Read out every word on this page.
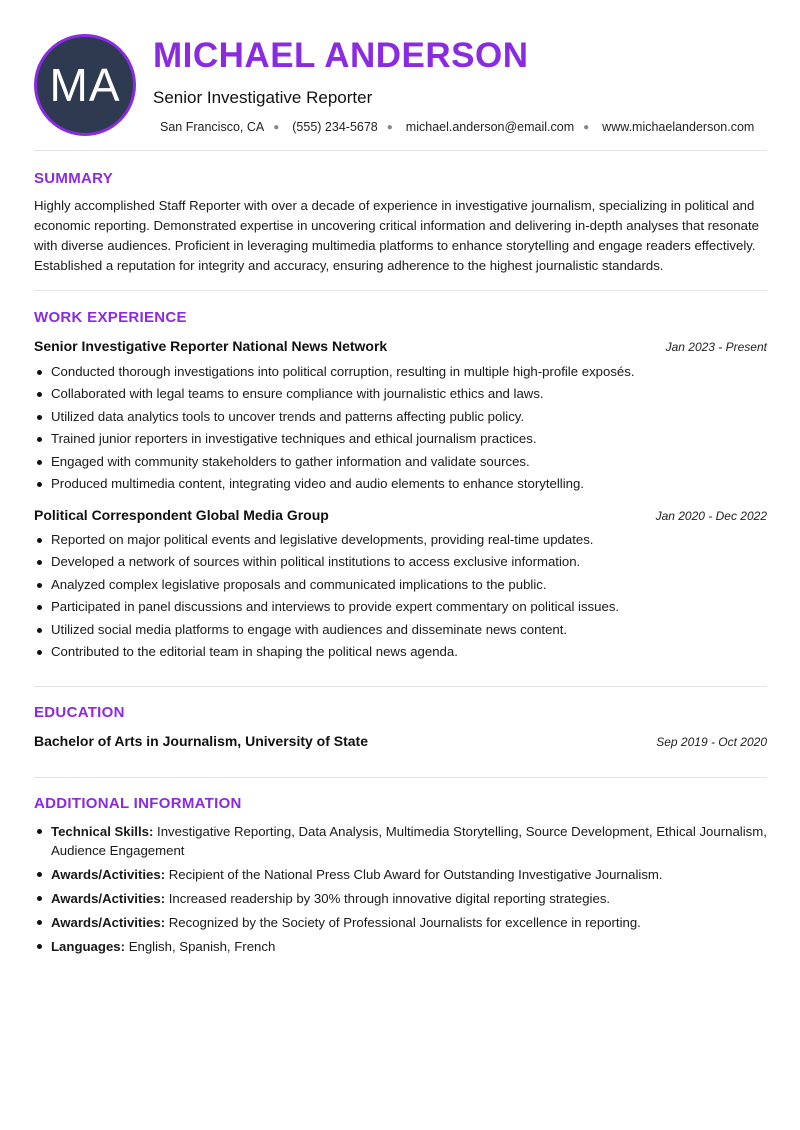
MA
MICHAEL ANDERSON
Senior Investigative Reporter
San Francisco, CA ● (555) 234-5678 ● michael.anderson@email.com ● www.michaelanderson.com
SUMMARY
Highly accomplished Staff Reporter with over a decade of experience in investigative journalism, specializing in political and economic reporting. Demonstrated expertise in uncovering critical information and delivering in-depth analyses that resonate with diverse audiences. Proficient in leveraging multimedia platforms to enhance storytelling and engage readers effectively. Established a reputation for integrity and accuracy, ensuring adherence to the highest journalistic standards.
WORK EXPERIENCE
Senior Investigative Reporter National News Network	Jan 2023 - Present
Conducted thorough investigations into political corruption, resulting in multiple high-profile exposés.
Collaborated with legal teams to ensure compliance with journalistic ethics and laws.
Utilized data analytics tools to uncover trends and patterns affecting public policy.
Trained junior reporters in investigative techniques and ethical journalism practices.
Engaged with community stakeholders to gather information and validate sources.
Produced multimedia content, integrating video and audio elements to enhance storytelling.
Political Correspondent Global Media Group	Jan 2020 - Dec 2022
Reported on major political events and legislative developments, providing real-time updates.
Developed a network of sources within political institutions to access exclusive information.
Analyzed complex legislative proposals and communicated implications to the public.
Participated in panel discussions and interviews to provide expert commentary on political issues.
Utilized social media platforms to engage with audiences and disseminate news content.
Contributed to the editorial team in shaping the political news agenda.
EDUCATION
Bachelor of Arts in Journalism, University of State	Sep 2019 - Oct 2020
ADDITIONAL INFORMATION
Technical Skills: Investigative Reporting, Data Analysis, Multimedia Storytelling, Source Development, Ethical Journalism, Audience Engagement
Awards/Activities: Recipient of the National Press Club Award for Outstanding Investigative Journalism.
Awards/Activities: Increased readership by 30% through innovative digital reporting strategies.
Awards/Activities: Recognized by the Society of Professional Journalists for excellence in reporting.
Languages: English, Spanish, French
